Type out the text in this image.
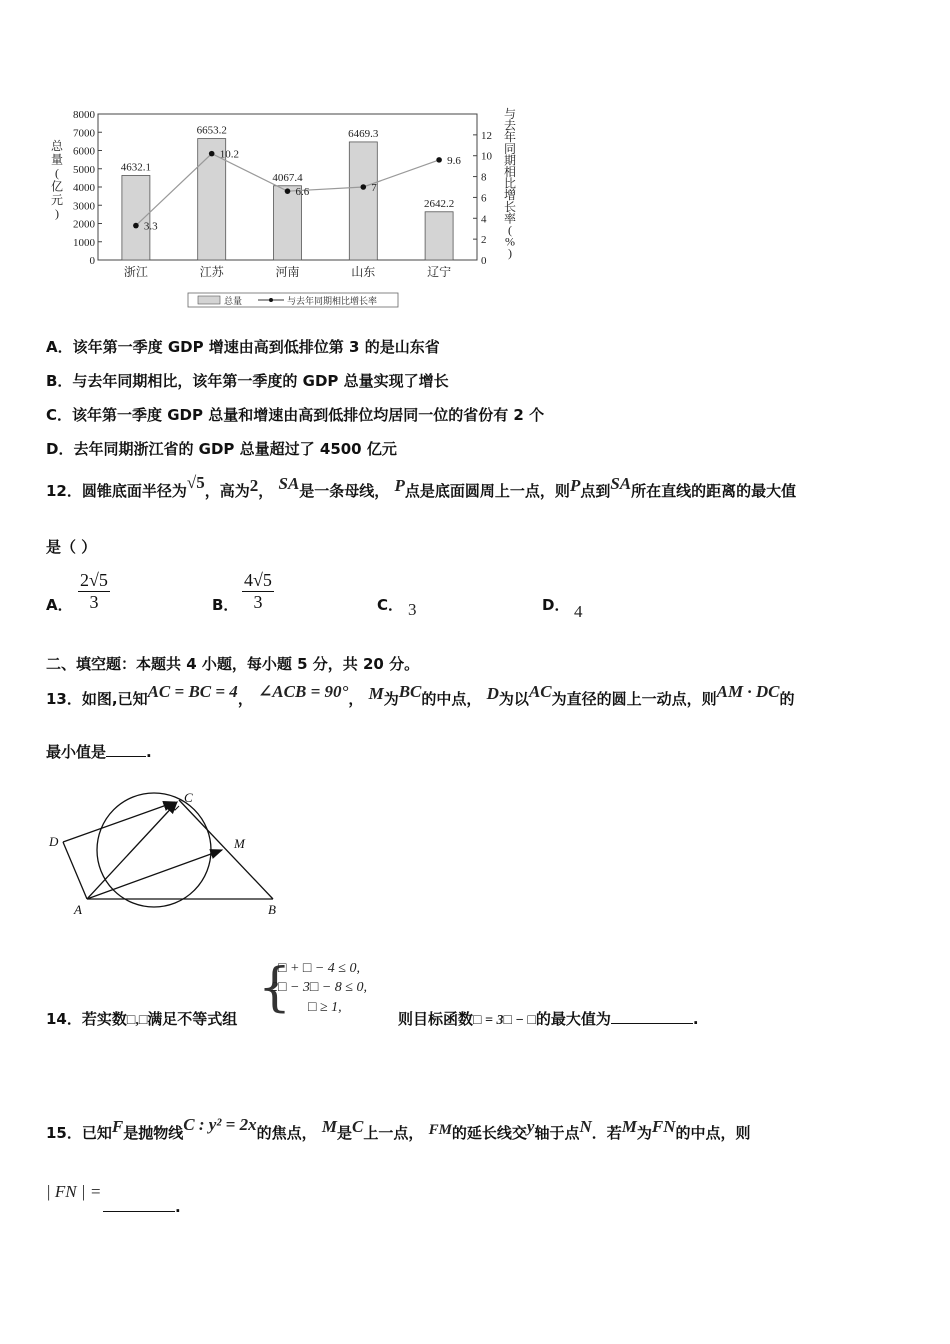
0
1000
2000
3000
4000
5000
6000
7000
8000
0
2
4
6
8
10
12
总
量
(
亿
元
)
与
去
年
同
期
相
比
增
长
率
(
%
)
4632.1
浙江
6653.2
江苏
4067.4
河南
6469.3
山东
2642.2
辽宁
3.3
10.2
6.6	7
9.6
总量	与去年同期相比增长率
A．该年第一季度 GDP 增速由高到低排位第 3 的是山东省
B．与去年同期相比，该年第一季度的 GDP 总量实现了增长
C．该年第一季度 GDP 总量和增速由高到低排位均居同一位的省份有 2 个
D．去年同期浙江省的 GDP 总量超过了 4500 亿元
12．圆锥底面半径为√5，高为2， SA是一条母线， P点是底面圆周上一点，则P点到SA所在直线的距离的最大值
是（ ）
A． $\frac{2√5}{3}$	B． $\frac{4√5}{3}$	C． 3	D． 4
二、填空题：本题共 4 小题，每小题 5 分，共 20 分。
13．如图,已知AC = BC = 4， ∠ACB = 90°， M为BC的中点， D为以AC为直径的圆上一动点，则AM · DC的
最小值是	.
C
D	M
A	B
14．若实数□,□满足不等式组
{
□ + □ − 4 ≤ 0,
2□ − 3□ − 8 ≤ 0,
□ ≥ 1,
则目标函数□ = 3□ − □的最大值为	.
15．已知F是抛物线C : y² = 2x的焦点， M是C上一点， FM的延长线交y轴于点N．若M为FN的中点，则
| FN | =
.
